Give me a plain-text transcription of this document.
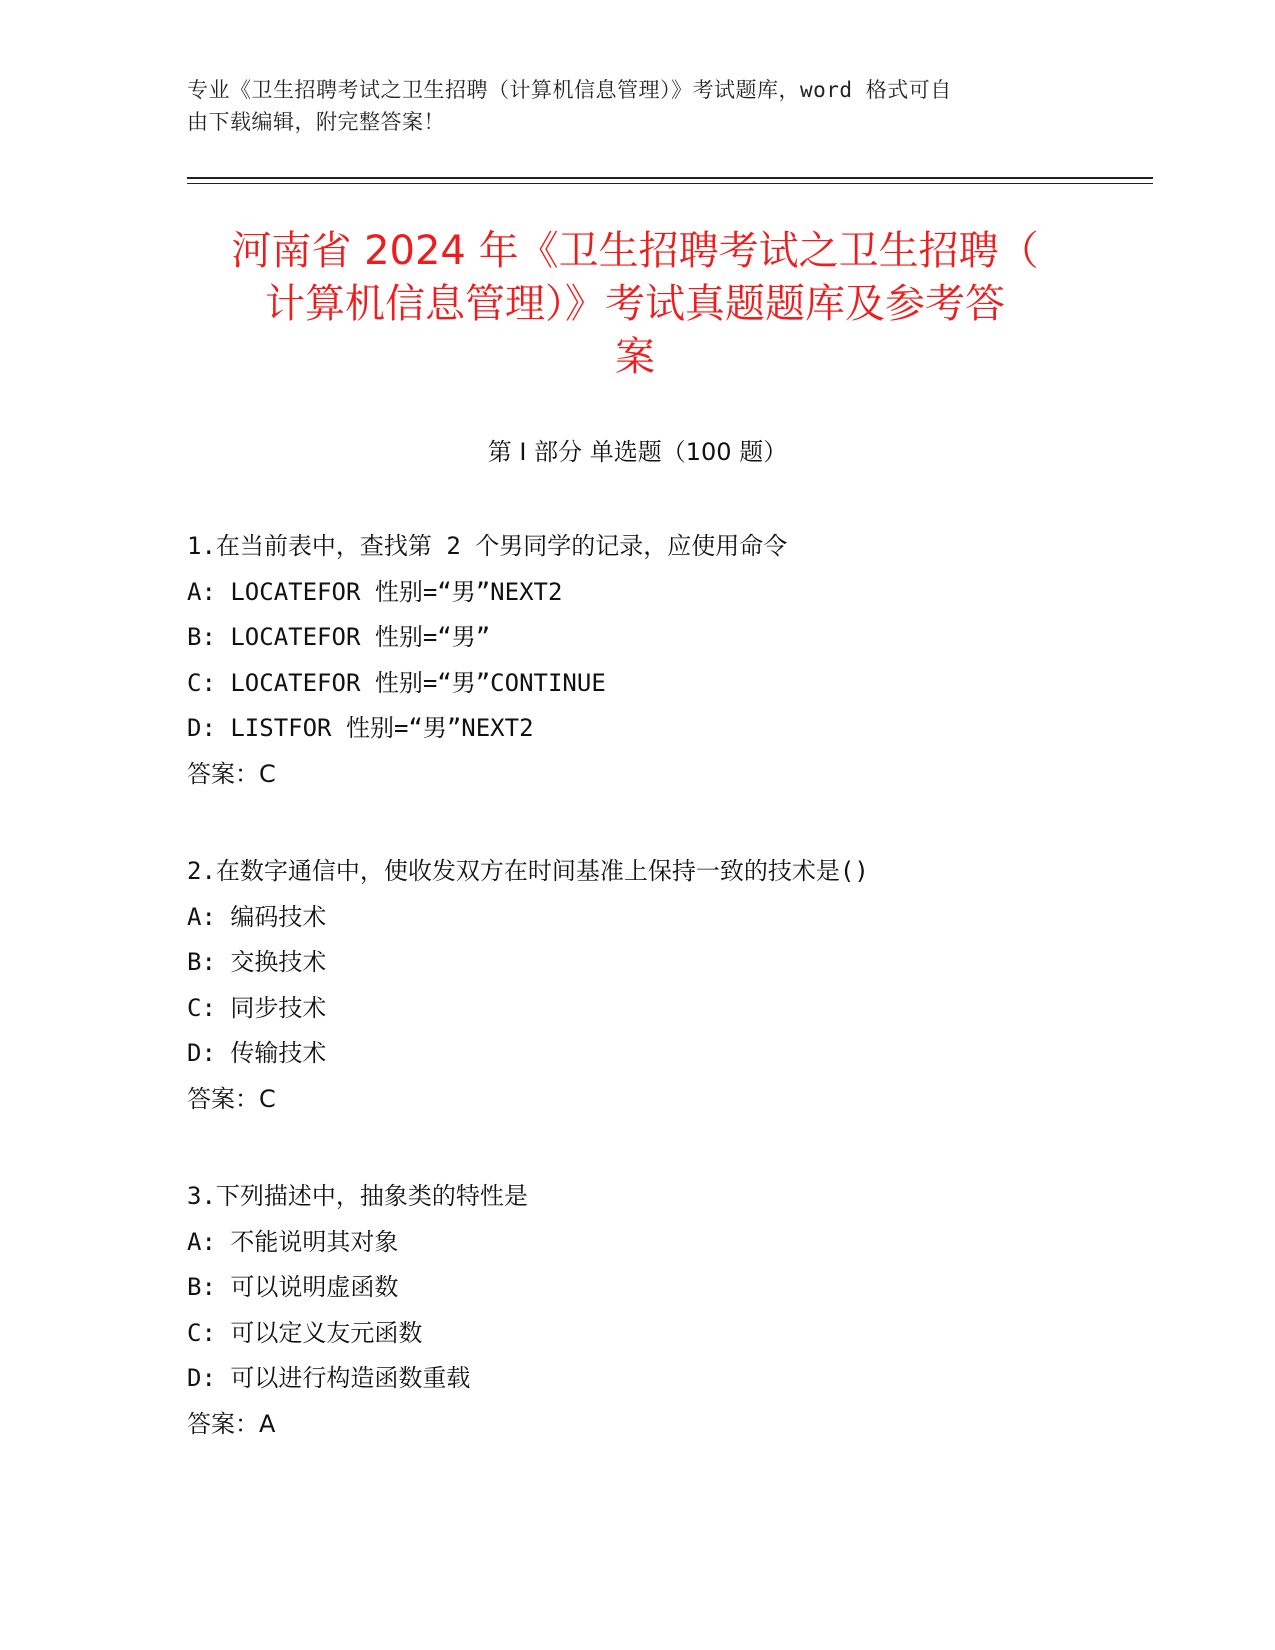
专业《卫生招聘考试之卫生招聘（计算机信息管理）》考试题库，word 格式可自
由下载编辑，附完整答案！
河南省 2024 年《卫生招聘考试之卫生招聘（
计算机信息管理）》考试真题题库及参考答
案
第 I 部分 单选题（100 题）
1.在当前表中，查找第 2 个男同学的记录，应使用命令
A: LOCATEFOR 性别=“男”NEXT2
B: LOCATEFOR 性别=“男”
C: LOCATEFOR 性别=“男”CONTINUE
D: LISTFOR 性别=“男”NEXT2
答案：C
2.在数字通信中，使收发双方在时间基准上保持一致的技术是()
A: 编码技术
B: 交换技术
C: 同步技术
D: 传输技术
答案：C
3.下列描述中，抽象类的特性是
A: 不能说明其对象
B: 可以说明虚函数
C: 可以定义友元函数
D: 可以进行构造函数重载
答案：A
